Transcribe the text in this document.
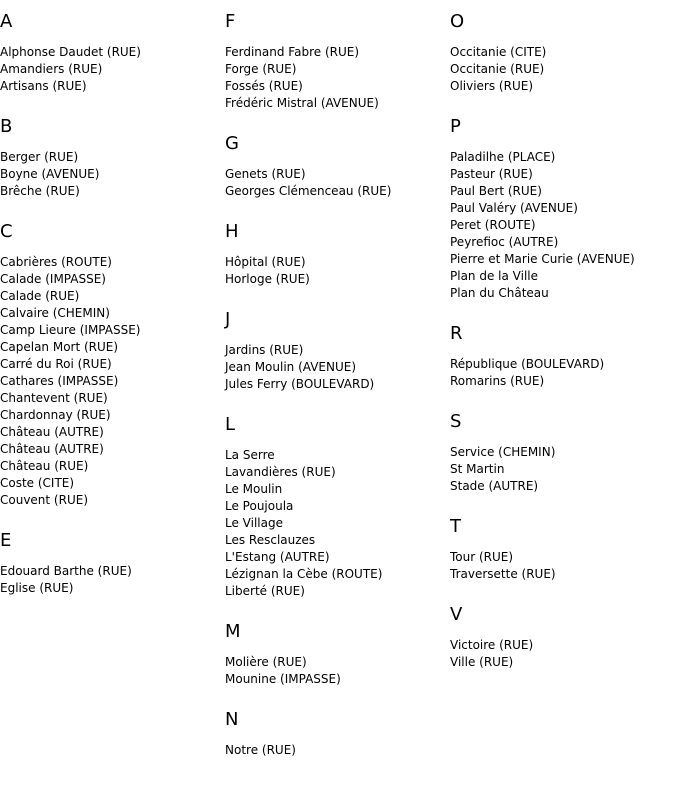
A
Alphonse Daudet (RUE)
Amandiers (RUE)
Artisans (RUE)
B
Berger (RUE)
Boyne (AVENUE)
Brêche (RUE)
C
Cabrières (ROUTE)
Calade (IMPASSE)
Calade (RUE)
Calvaire (CHEMIN)
Camp Lieure (IMPASSE)
Capelan Mort (RUE)
Carré du Roi (RUE)
Cathares (IMPASSE)
Chantevent (RUE)
Chardonnay (RUE)
Château (AUTRE)
Château (AUTRE)
Château (RUE)
Coste (CITE)
Couvent (RUE)
E
Edouard Barthe (RUE)
Eglise (RUE)
F
Ferdinand Fabre (RUE)
Forge (RUE)
Fossés (RUE)
Frédéric Mistral (AVENUE)
G
Genets (RUE)
Georges Clémenceau (RUE)
H
Hôpital (RUE)
Horloge (RUE)
J
Jardins (RUE)
Jean Moulin (AVENUE)
Jules Ferry (BOULEVARD)
L
La Serre
Lavandières (RUE)
Le Moulin
Le Poujoula
Le Village
Les Resclauzes
L'Estang (AUTRE)
Lézignan la Cèbe (ROUTE)
Liberté (RUE)
M
Molière (RUE)
Mounine (IMPASSE)
N
Notre (RUE)
O
Occitanie (CITE)
Occitanie (RUE)
Oliviers (RUE)
P
Paladilhe (PLACE)
Pasteur (RUE)
Paul Bert (RUE)
Paul Valéry (AVENUE)
Peret (ROUTE)
Peyrefioc (AUTRE)
Pierre et Marie Curie (AVENUE)
Plan de la Ville
Plan du Château
R
République (BOULEVARD)
Romarins (RUE)
S
Service (CHEMIN)
St Martin
Stade (AUTRE)
T
Tour (RUE)
Traversette (RUE)
V
Victoire (RUE)
Ville (RUE)
